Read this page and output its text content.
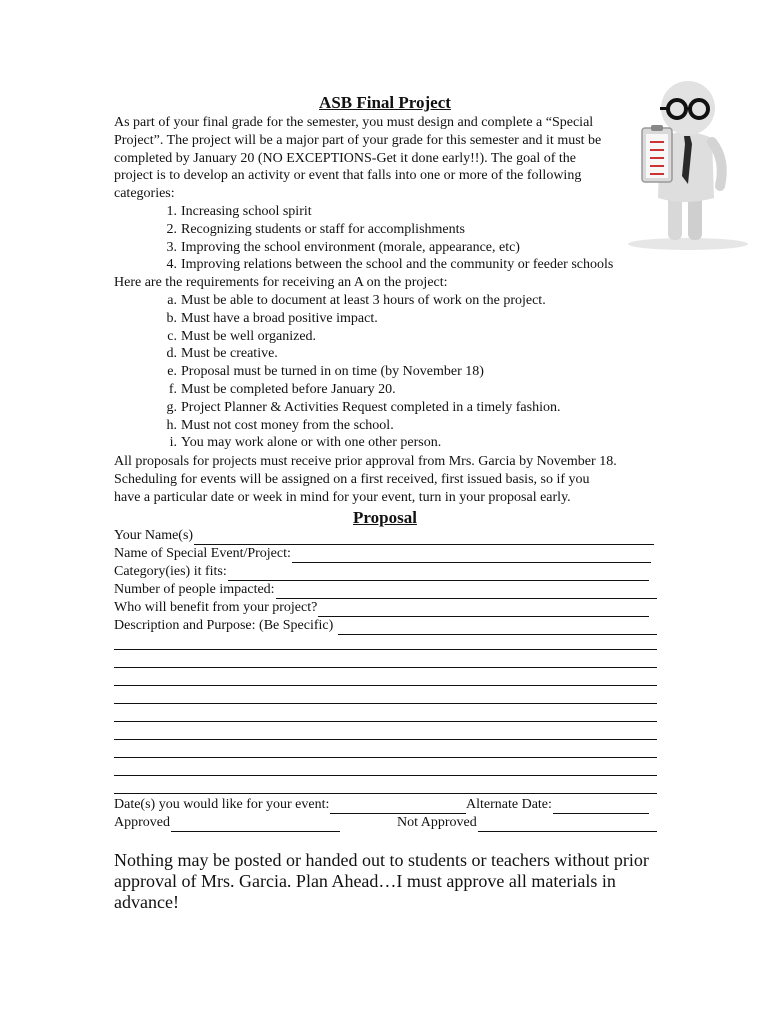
ASB Final Project
As part of your final grade for the semester, you must design and complete a “Special
Project”. The project will be a major part of your grade for this semester and it must be
completed by January 20 (NO EXCEPTIONS-Get it done early!!). The goal of the
project is to develop an activity or event that falls into one or more of the following
categories:
1. Increasing school spirit
2. Recognizing students or staff for accomplishments
3. Improving the school environment (morale, appearance, etc)
4. Improving relations between the school and the community or feeder schools
Here are the requirements for receiving an A on the project:
a. Must be able to document at least 3 hours of work on the project.
b. Must have a broad positive impact.
c. Must be well organized.
d. Must be creative.
e. Proposal must be turned in on time (by November 18)
f. Must be completed before January 20.
g. Project Planner & Activities Request completed in a timely fashion.
h. Must not cost money from the school.
i. You may work alone or with one other person.
All proposals for projects must receive prior approval from Mrs. Garcia by November 18.
Scheduling for events will be assigned on a first received, first issued basis, so if you
have a particular date or week in mind for your event, turn in your proposal early.
Proposal
Your Name(s)
Name of Special Event/Project:
Category(ies) it fits:
Number of people impacted:
Who will benefit from your project?
Description and Purpose: (Be Specific)
Date(s) you would like for your event:	Alternate Date:
Approved	Not Approved
Nothing may be posted or handed out to students or teachers without prior approval of Mrs. Garcia. Plan Ahead…I must approve all materials in advance!
